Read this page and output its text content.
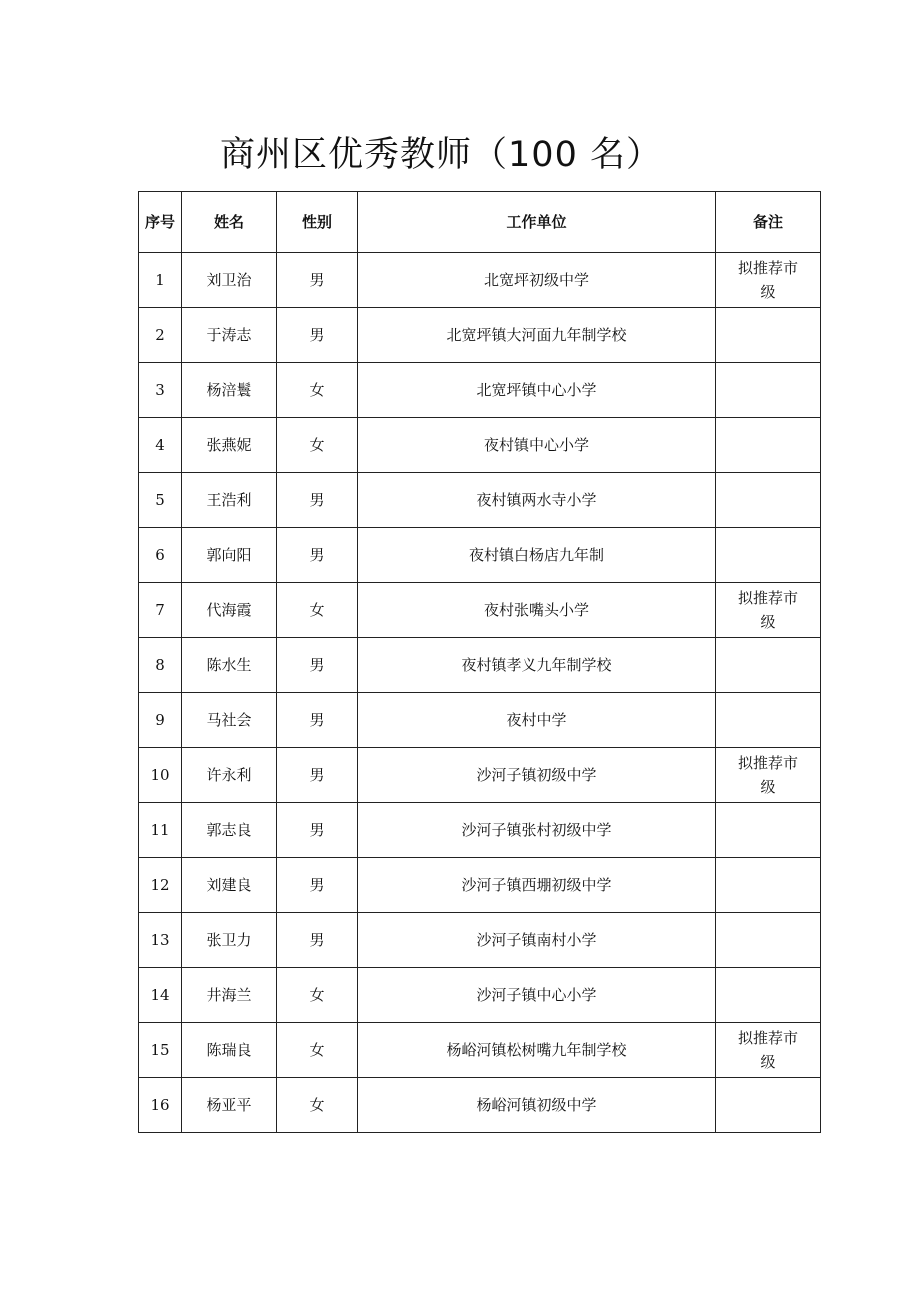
商州区优秀教师（100 名）
序号	姓名	性别	工作单位	备注
1	刘卫治	男	北宽坪初级中学	拟推荐市级
2	于涛志	男	北宽坪镇大河面九年制学校	
3	杨涪鬟	女	北宽坪镇中心小学	
4	张燕妮	女	夜村镇中心小学	
5	王浩利	男	夜村镇两水寺小学	
6	郭向阳	男	夜村镇白杨店九年制	
7	代海霞	女	夜村张嘴头小学	拟推荐市级
8	陈水生	男	夜村镇孝义九年制学校	
9	马社会	男	夜村中学	
10	许永利	男	沙河子镇初级中学	拟推荐市级
11	郭志良	男	沙河子镇张村初级中学	
12	刘建良	男	沙河子镇西堋初级中学	
13	张卫力	男	沙河子镇南村小学	
14	井海兰	女	沙河子镇中心小学	
15	陈瑞良	女	杨峪河镇松树嘴九年制学校	拟推荐市级
16	杨亚平	女	杨峪河镇初级中学	
